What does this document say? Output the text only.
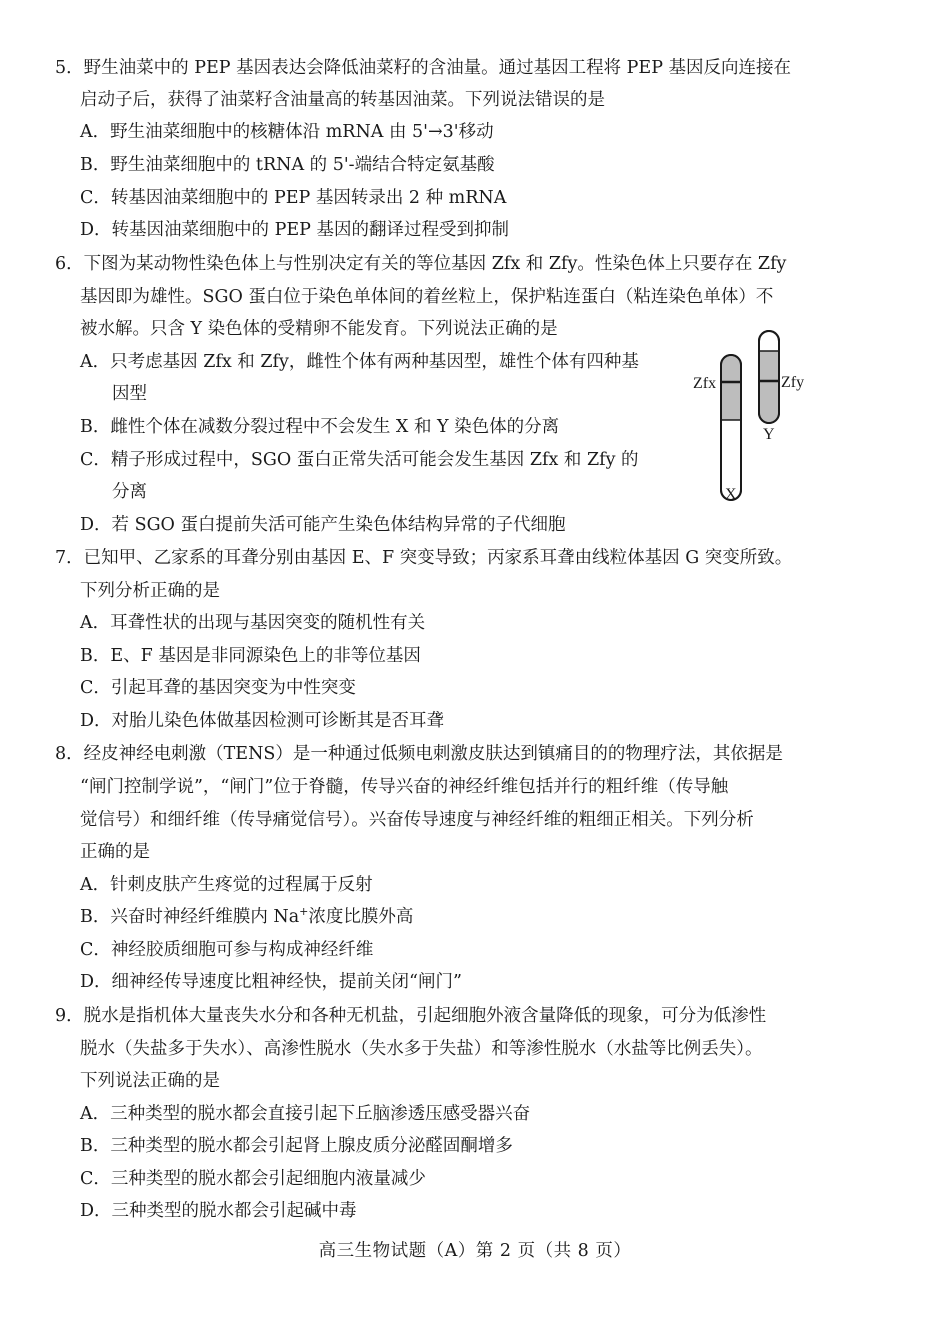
5．野生油菜中的 PEP 基因表达会降低油菜籽的含油量。通过基因工程将 PEP 基因反向连接在
启动子后，获得了油菜籽含油量高的转基因油菜。下列说法错误的是
A．野生油菜细胞中的核糖体沿 mRNA 由 5'→3'移动
B．野生油菜细胞中的 tRNA 的 5'-端结合特定氨基酸
C．转基因油菜细胞中的 PEP 基因转录出 2 种 mRNA
D．转基因油菜细胞中的 PEP 基因的翻译过程受到抑制
6．下图为某动物性染色体上与性别决定有关的等位基因 Zfx 和 Zfy。性染色体上只要存在 Zfy
基因即为雄性。SGO 蛋白位于染色单体间的着丝粒上，保护粘连蛋白（粘连染色单体）不
被水解。只含 Y 染色体的受精卵不能发育。下列说法正确的是
A．只考虑基因 Zfx 和 Zfy，雌性个体有两种基因型，雄性个体有四种基
因型
B．雌性个体在减数分裂过程中不会发生 X 和 Y 染色体的分离
C．精子形成过程中，SGO 蛋白正常失活可能会发生基因 Zfx 和 Zfy 的
分离
D．若 SGO 蛋白提前失活可能产生染色体结构异常的子代细胞
Zfx	Zfy
Y
X
7．已知甲、乙家系的耳聋分别由基因 E、F 突变导致；丙家系耳聋由线粒体基因 G 突变所致。
下列分析正确的是
A．耳聋性状的出现与基因突变的随机性有关
B．E、F 基因是非同源染色上的非等位基因
C．引起耳聋的基因突变为中性突变
D．对胎儿染色体做基因检测可诊断其是否耳聋
8．经皮神经电刺激（TENS）是一种通过低频电刺激皮肤达到镇痛目的的物理疗法，其依据是
“闸门控制学说”，“闸门”位于脊髓，传导兴奋的神经纤维包括并行的粗纤维（传导触
觉信号）和细纤维（传导痛觉信号）。兴奋传导速度与神经纤维的粗细正相关。下列分析
正确的是
A．针刺皮肤产生疼觉的过程属于反射
B．兴奋时神经纤维膜内 Na+浓度比膜外高
C．神经胶质细胞可参与构成神经纤维
D．细神经传导速度比粗神经快，提前关闭“闸门”
9．脱水是指机体大量丧失水分和各种无机盐，引起细胞外液含量降低的现象，可分为低渗性
脱水（失盐多于失水）、高渗性脱水（失水多于失盐）和等渗性脱水（水盐等比例丢失）。
下列说法正确的是
A．三种类型的脱水都会直接引起下丘脑渗透压感受器兴奋
B．三种类型的脱水都会引起肾上腺皮质分泌醛固酮增多
C．三种类型的脱水都会引起细胞内液量减少
D．三种类型的脱水都会引起碱中毒
高三生物试题（A）第 2 页（共 8 页）
